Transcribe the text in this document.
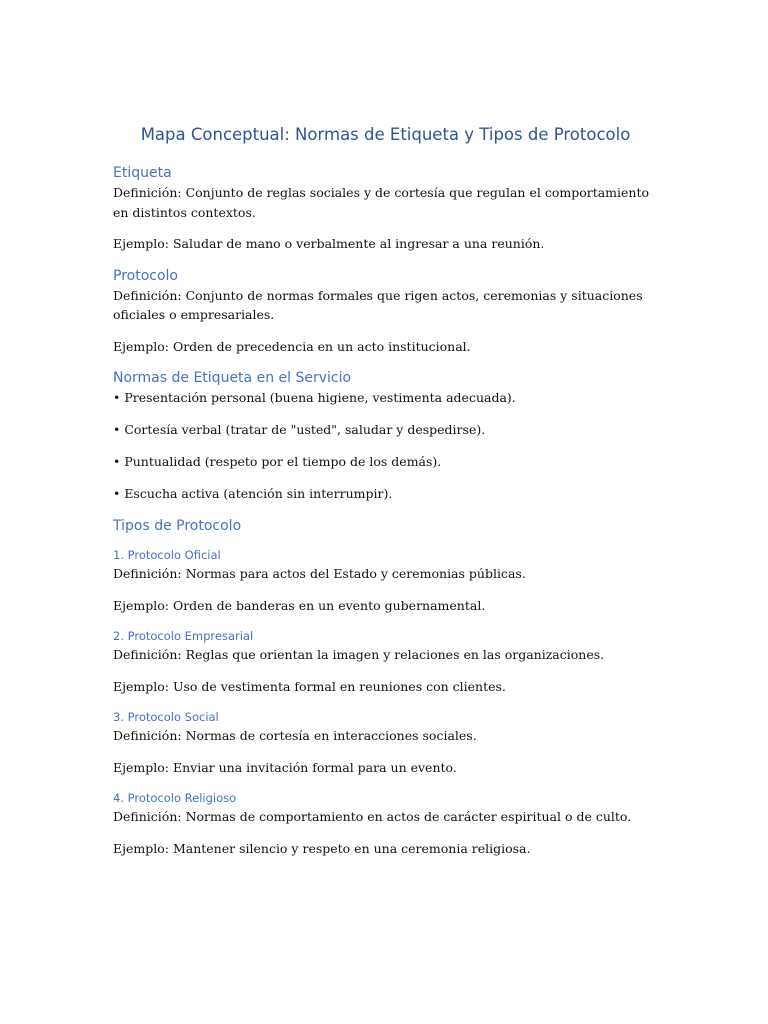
Mapa Conceptual: Normas de Etiqueta y Tipos de Protocolo
Etiqueta

Definición: Conjunto de reglas sociales y de cortesía que regulan el comportamiento en distintos contextos.

Ejemplo: Saludar de mano o verbalmente al ingresar a una reunión.

Protocolo

Definición: Conjunto de normas formales que rigen actos, ceremonias y situaciones oficiales o empresariales.

Ejemplo: Orden de precedencia en un acto institucional.

Normas de Etiqueta en el Servicio

• Presentación personal (buena higiene, vestimenta adecuada).

• Cortesía verbal (tratar de "usted", saludar y despedirse).

• Puntualidad (respeto por el tiempo de los demás).

• Escucha activa (atención sin interrumpir).

Tipos de Protocolo
1. Protocolo Oficial

Definición: Normas para actos del Estado y ceremonias públicas.

Ejemplo: Orden de banderas en un evento gubernamental.

2. Protocolo Empresarial

Definición: Reglas que orientan la imagen y relaciones en las organizaciones.

Ejemplo: Uso de vestimenta formal en reuniones con clientes.

3. Protocolo Social

Definición: Normas de cortesía en interacciones sociales.

Ejemplo: Enviar una invitación formal para un evento.

4. Protocolo Religioso

Definición: Normas de comportamiento en actos de carácter espiritual o de culto.

Ejemplo: Mantener silencio y respeto en una ceremonia religiosa.
